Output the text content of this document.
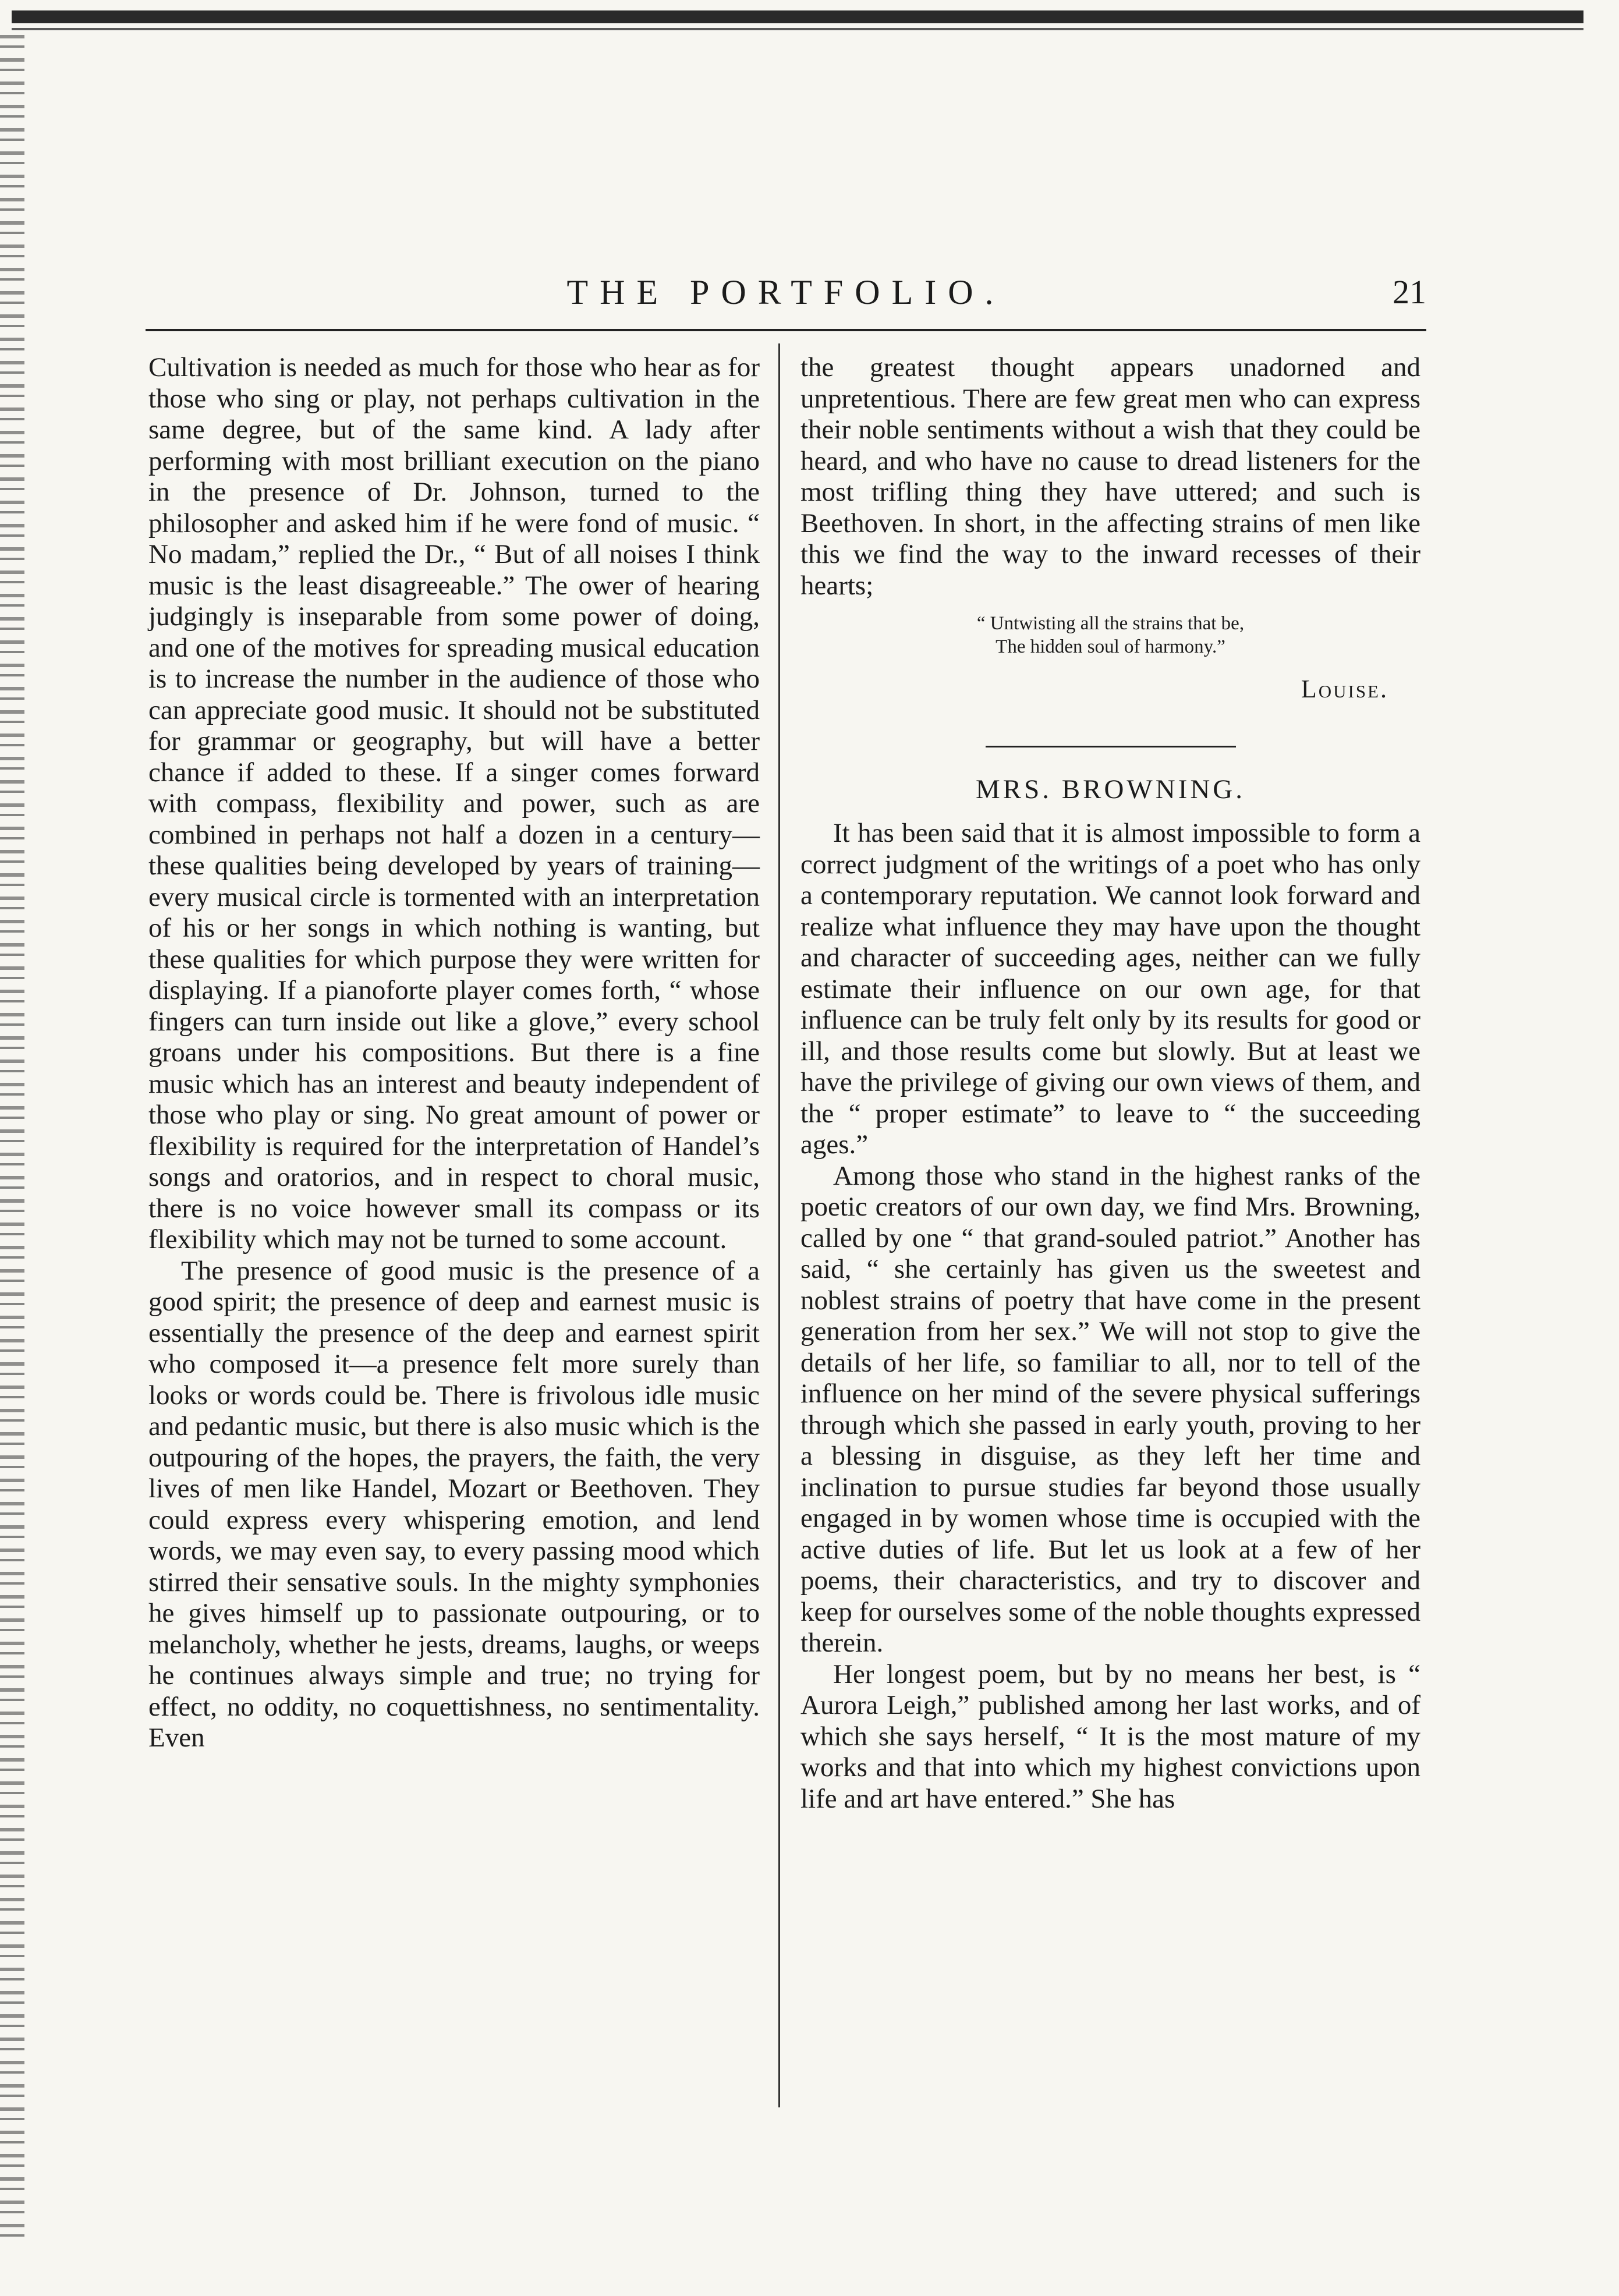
THE PORTFOLIO.	21

Cultivation is needed as much for those who hear as for those who sing or play, not perhaps cultivation in the same degree, but of the same kind. A lady after performing with most brilliant execution on the piano in the presence of Dr. Johnson, turned to the philosopher and asked him if he were fond of music. “ No madam,” replied the Dr., “ But of all noises I think music is the least disagreeable.” The ower of hearing judgingly is inseparable from some power of doing, and one of the motives for spreading musical education is to increase the number in the audience of those who can appreciate good music. It should not be substituted for grammar or geography, but will have a better chance if added to these. If a singer comes forward with compass, flexibility and power, such as are combined in perhaps not half a dozen in a century—these qualities being developed by years of training—every musical circle is tormented with an interpretation of his or her songs in which nothing is wanting, but these qualities for which purpose they were written for displaying. If a pianoforte player comes forth, “ whose fingers can turn inside out like a glove,” every school groans under his compositions. But there is a fine music which has an interest and beauty independent of those who play or sing. No great amount of power or flexibility is required for the interpretation of Handel’s songs and oratorios, and in respect to choral music, there is no voice however small its compass or its flexibility which may not be turned to some account.

The presence of good music is the presence of a good spirit; the presence of deep and earnest music is essentially the presence of the deep and earnest spirit who composed it—a presence felt more surely than looks or words could be. There is frivolous idle music and pedantic music, but there is also music which is the outpouring of the hopes, the prayers, the faith, the very lives of men like Handel, Mozart or Beethoven. They could express every whispering emotion, and lend words, we may even say, to every passing mood which stirred their sensative souls. In the mighty symphonies he gives himself up to passionate outpouring, or to melancholy, whether he jests, dreams, laughs, or weeps he continues always simple and true; no trying for effect, no oddity, no coquettishness, no sentimentality. Even

the greatest thought appears unadorned and unpretentious. There are few great men who can express their noble sentiments without a wish that they could be heard, and who have no cause to dread listeners for the most trifling thing they have uttered; and such is Beethoven. In short, in the affecting strains of men like this we find the way to the inward recesses of their hearts;

“ Untwisting all the strains that be,
The hidden soul of harmony.”
Louise.
MRS. BROWNING.

It has been said that it is almost impossible to form a correct judgment of the writings of a poet who has only a contemporary reputation. We cannot look forward and realize what influence they may have upon the thought and character of succeeding ages, neither can we fully estimate their influence on our own age, for that influence can be truly felt only by its results for good or ill, and those results come but slowly. But at least we have the privilege of giving our own views of them, and the “ proper estimate” to leave to “ the succeeding ages.”

Among those who stand in the highest ranks of the poetic creators of our own day, we find Mrs. Browning, called by one “ that grand-souled patriot.” Another has said, “ she certainly has given us the sweetest and noblest strains of poetry that have come in the present generation from her sex.” We will not stop to give the details of her life, so familiar to all, nor to tell of the influence on her mind of the severe physical sufferings through which she passed in early youth, proving to her a blessing in disguise, as they left her time and inclination to pursue studies far beyond those usually engaged in by women whose time is occupied with the active duties of life. But let us look at a few of her poems, their characteristics, and try to discover and keep for ourselves some of the noble thoughts expressed therein.

Her longest poem, but by no means her best, is “ Aurora Leigh,” published among her last works, and of which she says herself, “ It is the most mature of my works and that into which my highest convictions upon life and art have entered.” She has
